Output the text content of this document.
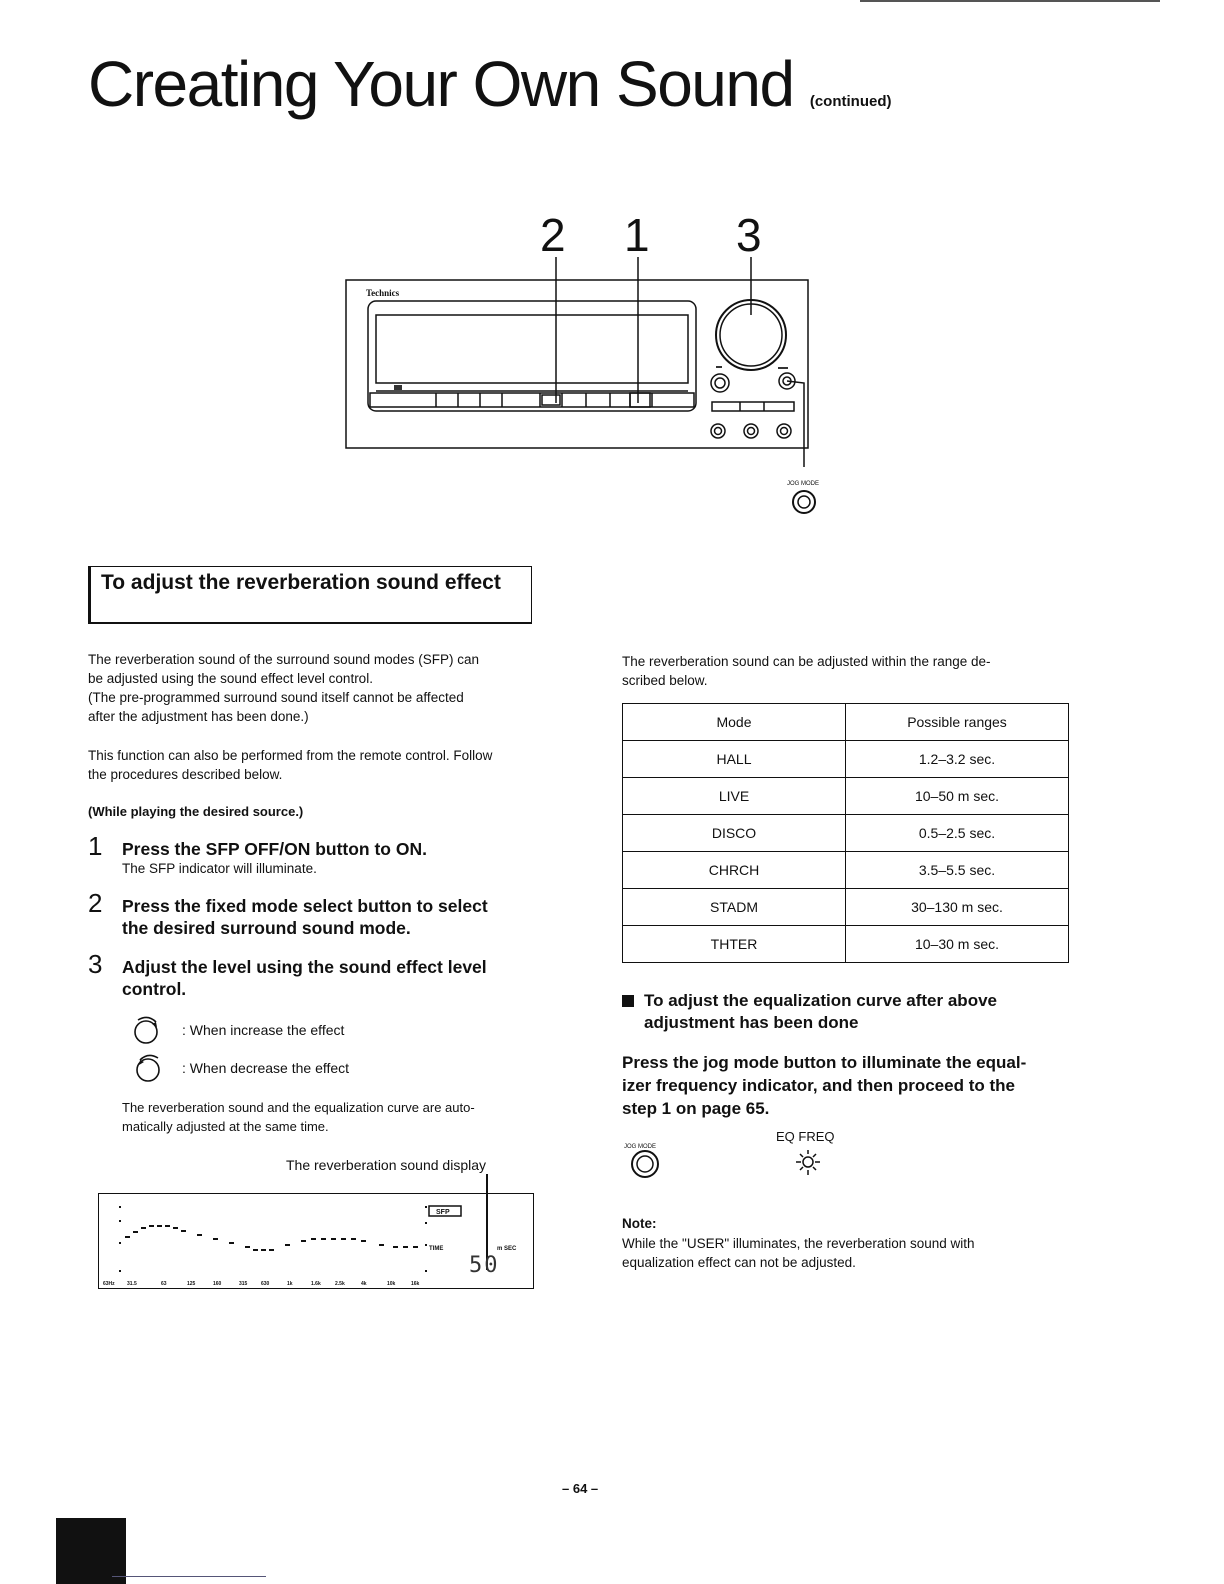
Creating Your Own Sound (continued)
2 1 3
Technics
JOG MODE
To adjust the reverberation sound effect
The reverberation sound of the surround sound modes (SFP) can
be adjusted using the sound effect level control.
(The pre-programmed surround sound itself cannot be affected
after the adjustment has been done.)
This function can also be performed from the remote control. Follow
the procedures described below.
(While playing the desired source.)
1 Press the SFP OFF/ON button to ON.
The SFP indicator will illuminate.
2 Press the fixed mode select button to select
the desired surround sound mode.
3 Adjust the level using the sound effect level
control.
: When increase the effect
: When decrease the effect
The reverberation sound and the equalization curve are auto-
matically adjusted at the same time.
The reverberation sound display
SFP
TIME	m SEC
50
63Hz 31.5	63	125	160	315	630	1k	1.6k	2.5k	4k	10k	16k
The reverberation sound can be adjusted within the range de-
scribed below.
Mode	Possible ranges
HALL	1.2–3.2 sec.
LIVE	10–50 m sec.
DISCO	0.5–2.5 sec.
CHRCH	3.5–5.5 sec.
STADM	30–130 m sec.
THTER	10–30 m sec.
To adjust the equalization curve after above
adjustment has been done
Press the jog mode button to illuminate the equal-
izer frequency indicator, and then proceed to the
step 1 on page 65.
JOG MODE
EQ FREQ
Note:
While the "USER" illuminates, the reverberation sound with
equalization effect can not be adjusted.
– 64 –
